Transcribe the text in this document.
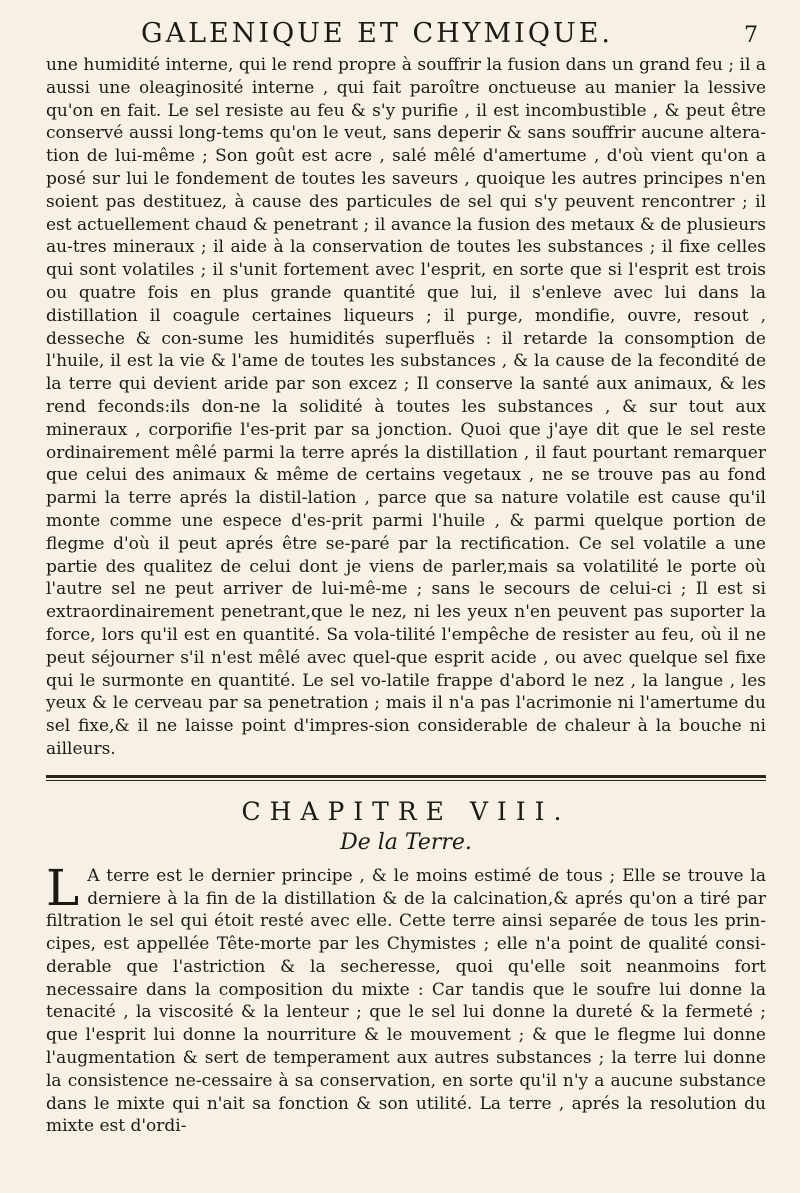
GALENIQUE ET CHYMIQUE.	7

une humidité interne, qui le rend propre à souffrir la fusion dans un grand feu ; il a aussi une oleaginosité interne , qui fait paroître onctueuse au manier la lessive qu'on en fait. Le sel resiste au feu & s'y purifie , il est incombustible , & peut être conservé aussi long-tems qu'on le veut, sans deperir & sans souffrir aucune altera-tion de lui-même ; Son goût est acre , salé mêlé d'amertume , d'où vient qu'on a posé sur lui le fondement de toutes les saveurs , quoique les autres principes n'en soient pas destituez, à cause des particules de sel qui s'y peuvent rencontrer ; il est actuellement chaud & penetrant ; il avance la fusion des metaux & de plusieurs au-tres mineraux ; il aide à la conservation de toutes les substances ; il fixe celles qui sont volatiles ; il s'unit fortement avec l'esprit, en sorte que si l'esprit est trois ou quatre fois en plus grande quantité que lui, il s'enleve avec lui dans la distillation il coagule certaines liqueurs ; il purge, mondifie, ouvre, resout , desseche & con-sume les humidités superfluës : il retarde la consomption de l'huile, il est la vie & l'ame de toutes les substances , & la cause de la fecondité de la terre qui devient aride par son excez ; Il conserve la santé aux animaux, & les rend feconds:ils don-ne la solidité à toutes les substances , & sur tout aux mineraux , corporifie l'es-prit par sa jonction. Quoi que j'aye dit que le sel reste ordinairement mêlé parmi la terre aprés la distillation , il faut pourtant remarquer que celui des animaux & même de certains vegetaux , ne se trouve pas au fond parmi la terre aprés la distil-lation , parce que sa nature volatile est cause qu'il monte comme une espece d'es-prit parmi l'huile , & parmi quelque portion de flegme d'où il peut aprés être se-paré par la rectification. Ce sel volatile a une partie des qualitez de celui dont je viens de parler,mais sa volatilité le porte où l'autre sel ne peut arriver de lui-mê-me ; sans le secours de celui-ci ; Il est si extraordinairement penetrant,que le nez, ni les yeux n'en peuvent pas suporter la force, lors qu'il est en quantité. Sa vola-tilité l'empêche de resister au feu, où il ne peut séjourner s'il n'est mêlé avec quel-que esprit acide , ou avec quelque sel fixe qui le surmonte en quantité. Le sel vo-latile frappe d'abord le nez , la langue , les yeux & le cerveau par sa penetration ; mais il n'a pas l'acrimonie ni l'amertume du sel fixe,& il ne laisse point d'impres-sion considerable de chaleur à la bouche ni ailleurs.

CHAPITRE VIII.
De la Terre.

L A terre est le dernier principe , & le moins estimé de tous ; Elle se trouve la derniere à la fin de la distillation & de la calcination,& aprés qu'on a tiré par filtration le sel qui étoit resté avec elle. Cette terre ainsi separée de tous les prin-cipes, est appellée Tête-morte par les Chymistes ; elle n'a point de qualité consi-derable que l'astriction & la secheresse, quoi qu'elle soit neanmoins fort necessaire dans la composition du mixte : Car tandis que le soufre lui donne la tenacité , la viscosité & la lenteur ; que le sel lui donne la dureté & la fermeté ; que l'esprit lui donne la nourriture & le mouvement ; & que le flegme lui donne l'augmentation & sert de temperament aux autres substances ; la terre lui donne la consistence ne-cessaire à sa conservation, en sorte qu'il n'y a aucune substance dans le mixte qui n'ait sa fonction & son utilité. La terre , aprés la resolution du mixte est d'ordi-
